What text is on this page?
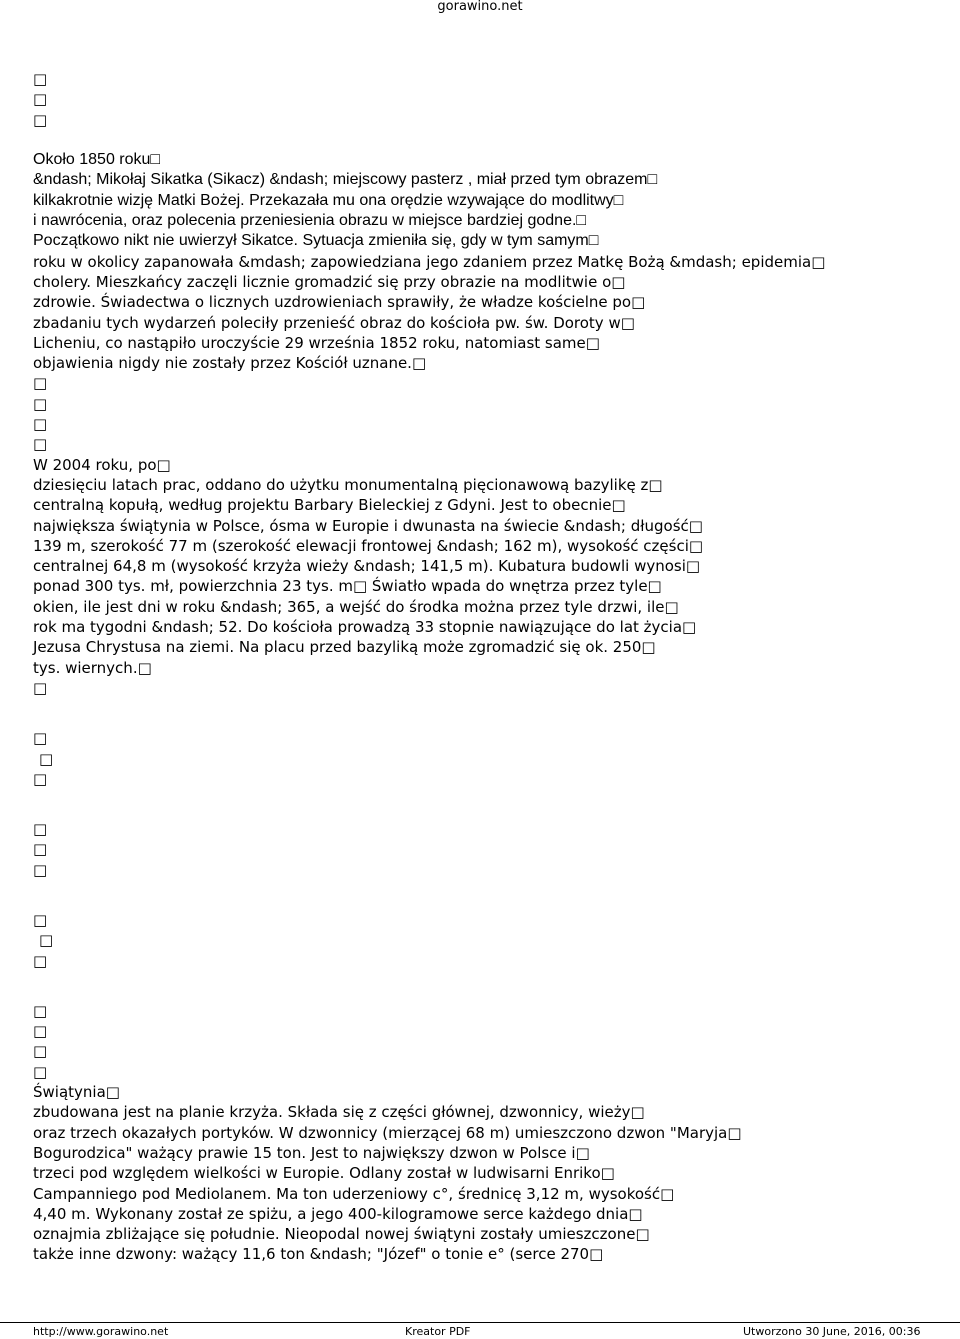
gorawino.net
□
□
□
Około 1850 roku□
&ndash; Mikołaj Sikatka (Sikacz) &ndash; miejscowy pasterz , miał przed tym obrazem□
kilkakrotnie wizję Matki Bożej. Przekazała mu ona orędzie wzywające do modlitwy□
i nawrócenia, oraz polecenia przeniesienia obrazu w miejsce bardziej godne.□
Początkowo nikt nie uwierzył Sikatce. Sytuacja zmieniła się, gdy w tym samym□
roku w okolicy zapanowała &mdash; zapowiedziana jego zdaniem przez Matkę Bożą &mdash; epidemia□
cholery. Mieszkańcy zaczęli licznie gromadzić się przy obrazie na modlitwie o□
zdrowie. Świadectwa o licznych uzdrowieniach sprawiły, że władze kościelne po□
zbadaniu tych wydarzeń poleciły przenieść obraz do kościoła pw. św. Doroty w□
Licheniu, co nastąpiło uroczyście 29 września 1852 roku, natomiast same□
objawienia nigdy nie zostały przez Kościół uznane.□
□
□
□
□
W 2004 roku, po□
dziesięciu latach prac, oddano do użytku monumentalną pięcionawową bazylikę z□
centralną kopułą, według projektu Barbary Bieleckiej z Gdyni. Jest to obecnie□
największa świątynia w Polsce, ósma w Europie i dwunasta na świecie &ndash; długość□
139 m, szerokość 77 m (szerokość elewacji frontowej &ndash; 162 m), wysokość części□
centralnej 64,8 m (wysokość krzyża wieży &ndash; 141,5 m). Kubatura budowli wynosi□
ponad 300 tys. mł, powierzchnia 23 tys. m□ Światło wpada do wnętrza przez tyle□
okien, ile jest dni w roku &ndash; 365, a wejść do środka można przez tyle drzwi, ile□
rok ma tygodni &ndash; 52. Do kościoła prowadzą 33 stopnie nawiązujące do lat życia□
Jezusa Chrystusa na ziemi. Na placu przed bazyliką może zgromadzić się ok. 250□
tys. wiernych.□
□
□
□
□
□
□
□
□
□
□
□
□
□
□
Świątynia□
zbudowana jest na planie krzyża. Składa się z części głównej, dzwonnicy, wieży□
oraz trzech okazałych portyków. W dzwonnicy (mierzącej 68 m) umieszczono dzwon "Maryja□
Bogurodzica" ważący prawie 15 ton. Jest to największy dzwon w Polsce i□
trzeci pod względem wielkości w Europie. Odlany został w ludwisarni Enriko□
Campanniego pod Mediolanem. Ma ton uderzeniowy c°, średnicę 3,12 m, wysokość□
4,40 m. Wykonany został ze spiżu, a jego 400-kilogramowe serce każdego dnia□
oznajmia zbliżające się południe. Nieopodal nowej świątyni zostały umieszczone□
także inne dzwony: ważący 11,6 ton &ndash; "Józef" o tonie e° (serce 270□
http://www.gorawino.net	Kreator PDF	Utworzono 30 June, 2016, 00:36
